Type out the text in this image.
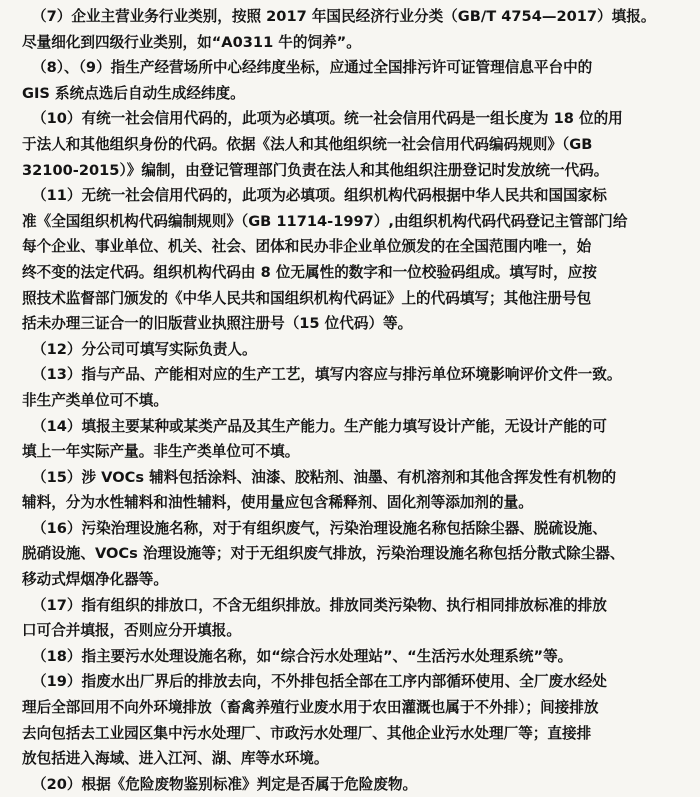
（7）企业主营业务行业类别，按照 2017 年国民经济行业分类（GB/T 4754—2017）填报。
尽量细化到四级行业类别，如“A0311 牛的饲养”。

（8）、（9）指生产经营场所中心经纬度坐标，应通过全国排污许可证管理信息平台中的
GIS 系统点选后自动生成经纬度。

（10）有统一社会信用代码的，此项为必填项。统一社会信用代码是一组长度为 18 位的用
于法人和其他组织身份的代码。依据《法人和其他组织统一社会信用代码编码规则》（GB
32100-2015）》编制，由登记管理部门负责在法人和其他组织注册登记时发放统一代码。

（11）无统一社会信用代码的，此项为必填项。组织机构代码根据中华人民共和国国家标
准《全国组织机构代码编制规则》（GB 11714-1997）,由组织机构代码代码登记主管部门给
每个企业、事业单位、机关、社会、团体和民办非企业单位颁发的在全国范围内唯一，始
终不变的法定代码。组织机构代码由 8 位无属性的数字和一位校验码组成。填写时，应按
照技术监督部门颁发的《中华人民共和国组织机构代码证》上的代码填写；其他注册号包
括未办理三证合一的旧版营业执照注册号（15 位代码）等。

（12）分公司可填写实际负责人。

（13）指与产品、产能相对应的生产工艺，填写内容应与排污单位环境影响评价文件一致。
非生产类单位可不填。

（14）填报主要某种或某类产品及其生产能力。生产能力填写设计产能，无设计产能的可
填上一年实际产量。非生产类单位可不填。

（15）涉 VOCs 辅料包括涂料、油漆、胶粘剂、油墨、有机溶剂和其他含挥发性有机物的
辅料，分为水性辅料和油性辅料，使用量应包含稀释剂、固化剂等添加剂的量。

（16）污染治理设施名称，对于有组织废气，污染治理设施名称包括除尘器、脱硫设施、
脱硝设施、VOCs 治理设施等；对于无组织废气排放，污染治理设施名称包括分散式除尘器、
移动式焊烟净化器等。

（17）指有组织的排放口，不含无组织排放。排放同类污染物、执行相同排放标准的排放
口可合并填报，否则应分开填报。

（18）指主要污水处理设施名称，如“综合污水处理站”、“生活污水处理系统”等。

（19）指废水出厂界后的排放去向，不外排包括全部在工序内部循环使用、全厂废水经处
理后全部回用不向外环境排放（畜禽养殖行业废水用于农田灌溉也属于不外排）；间接排放
去向包括去工业园区集中污水处理厂、市政污水处理厂、其他企业污水处理厂等；直接排
放包括进入海域、进入江河、湖、库等水环境。

（20）根据《危险废物鉴别标准》判定是否属于危险废物。
